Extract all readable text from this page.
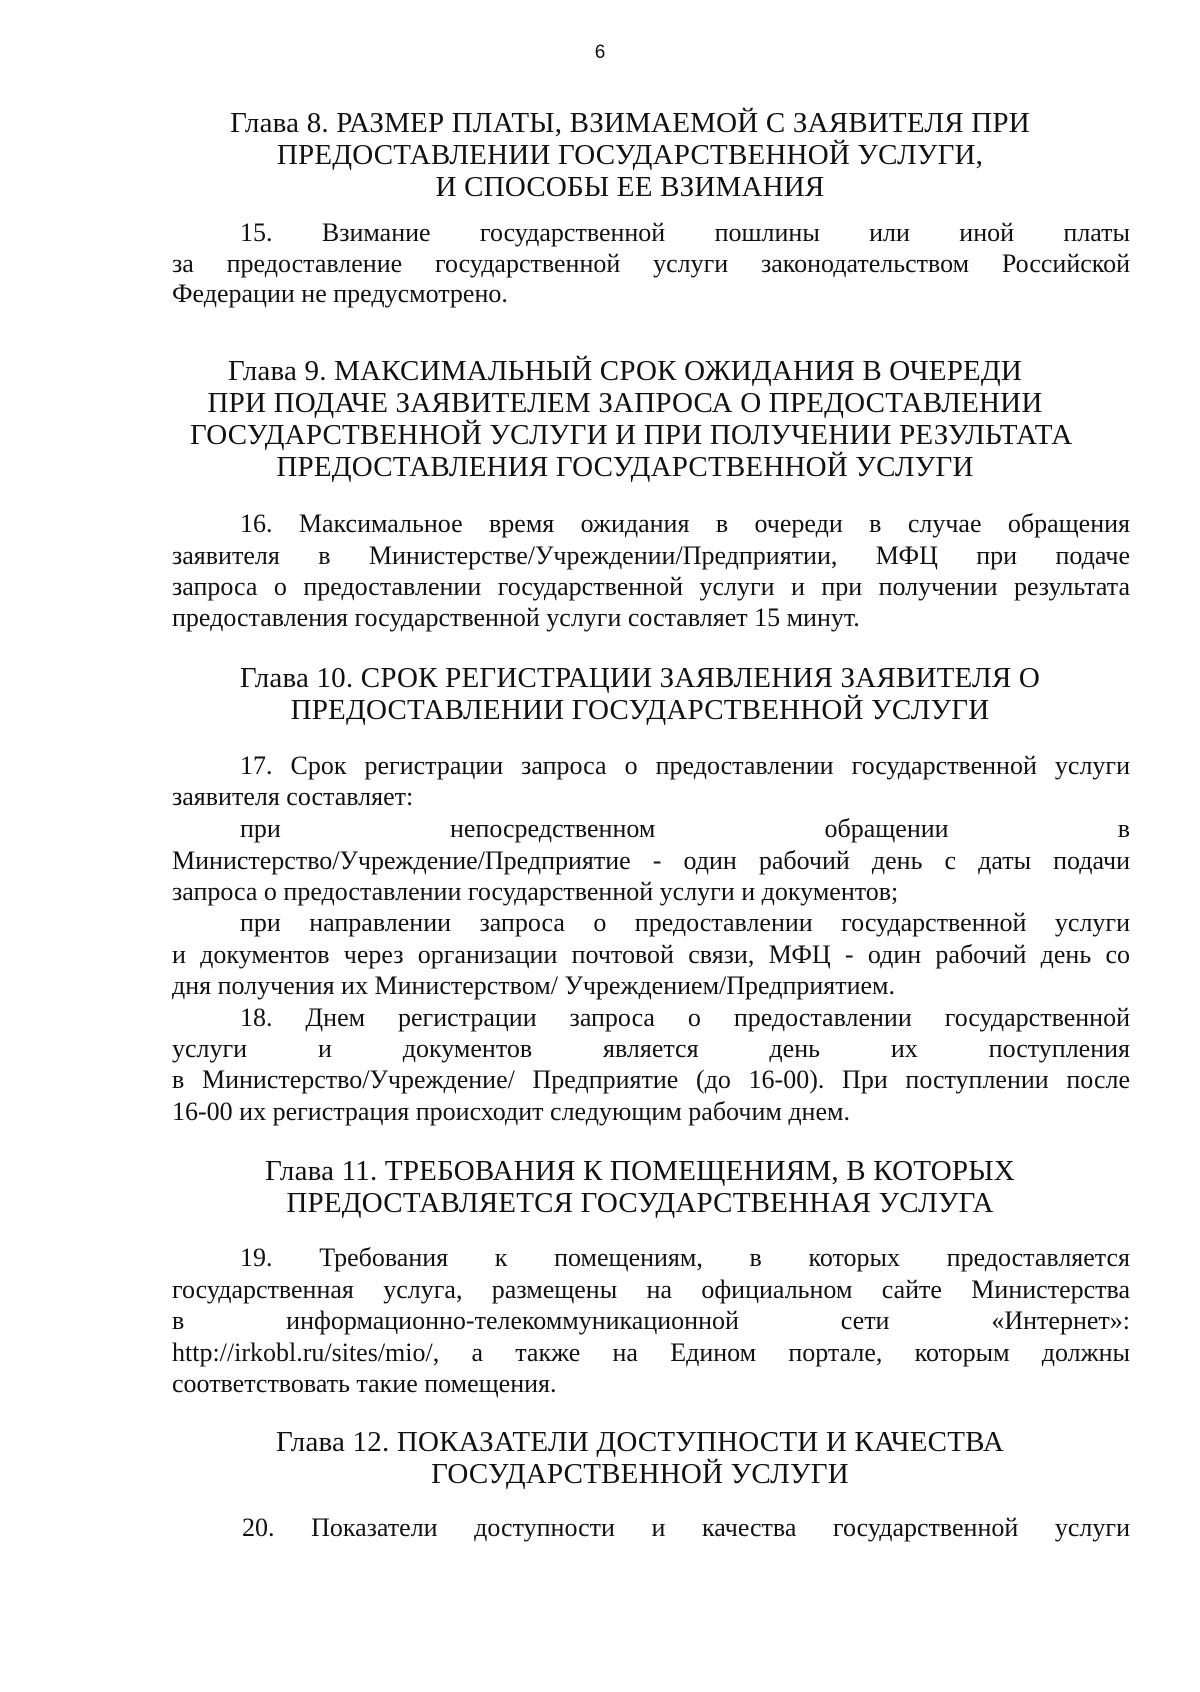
6
Глава 8. РАЗМЕР ПЛАТЫ, ВЗИМАЕМОЙ С ЗАЯВИТЕЛЯ ПРИ
ПРЕДОСТАВЛЕНИИ ГОСУДАРСТВЕННОЙ УСЛУГИ,
И СПОСОБЫ ЕЕ ВЗИМАНИЯ
15. Взимание государственной пошлины или иной платы
за предоставление государственной услуги законодательством Российской
Федерации не предусмотрено.
Глава 9. МАКСИМАЛЬНЫЙ СРОК ОЖИДАНИЯ В ОЧЕРЕДИ
ПРИ ПОДАЧЕ ЗАЯВИТЕЛЕМ ЗАПРОСА О ПРЕДОСТАВЛЕНИИ
ГОСУДАРСТВЕННОЙ УСЛУГИ И ПРИ ПОЛУЧЕНИИ РЕЗУЛЬТАТА
ПРЕДОСТАВЛЕНИЯ ГОСУДАРСТВЕННОЙ УСЛУГИ
16. Максимальное время ожидания в очереди в случае обращения
заявителя в Министерстве/Учреждении/Предприятии, МФЦ при подаче
запроса о предоставлении государственной услуги и при получении результата
предоставления государственной услуги составляет 15 минут.
Глава 10. СРОК РЕГИСТРАЦИИ ЗАЯВЛЕНИЯ ЗАЯВИТЕЛЯ О
ПРЕДОСТАВЛЕНИИ ГОСУДАРСТВЕННОЙ УСЛУГИ
17. Срок регистрации запроса о предоставлении государственной услуги
заявителя составляет:
при непосредственном обращении в
Министерство/Учреждение/Предприятие - один рабочий день с даты подачи
запроса о предоставлении государственной услуги и документов;
при направлении запроса о предоставлении государственной услуги
и документов через организации почтовой связи, МФЦ - один рабочий день со
дня получения их Министерством/ Учреждением/Предприятием.
18. Днем регистрации запроса о предоставлении государственной
услуги и документов является день их поступления
в Министерство/Учреждение/ Предприятие (до 16-00). При поступлении после
16-00 их регистрация происходит следующим рабочим днем.
Глава 11. ТРЕБОВАНИЯ К ПОМЕЩЕНИЯМ, В КОТОРЫХ
ПРЕДОСТАВЛЯЕТСЯ ГОСУДАРСТВЕННАЯ УСЛУГА
19. Требования к помещениям, в которых предоставляется
государственная услуга, размещены на официальном сайте Министерства
в информационно-телекоммуникационной сети «Интернет»:
http://irkobl.ru/sites/mio/, а также на Едином портале, которым должны
соответствовать такие помещения.
Глава 12. ПОКАЗАТЕЛИ ДОСТУПНОСТИ И КАЧЕСТВА
ГОСУДАРСТВЕННОЙ УСЛУГИ
20. Показатели доступности и качества государственной услуги
